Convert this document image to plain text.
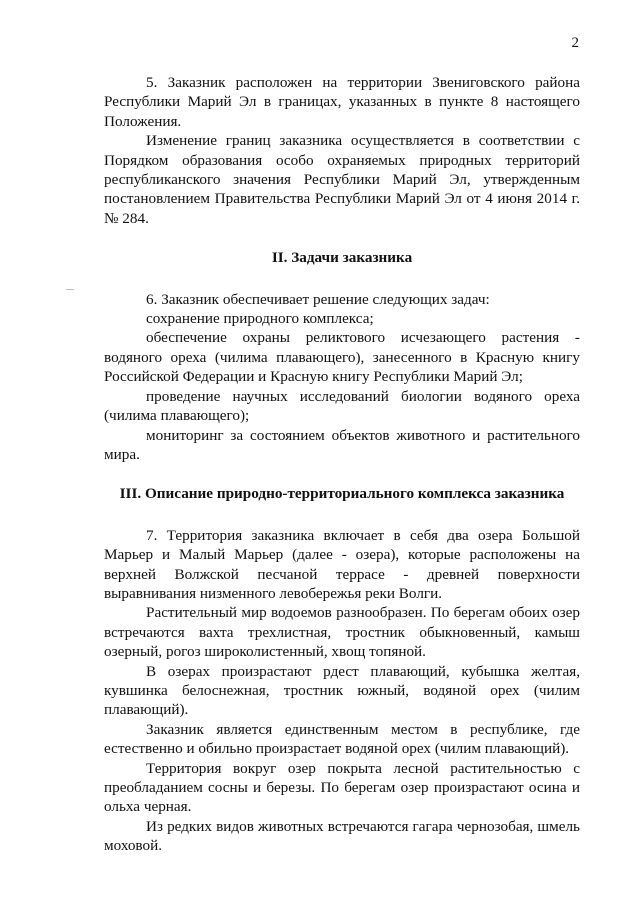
2

5. Заказник расположен на территории Звениговского района Республики Марий Эл в границах, указанных в пункте 8 настоящего Положения.

Изменение границ заказника осуществляется в соответствии с Порядком образования особо охраняемых природных территорий республиканского значения Республики Марий Эл, утвержденным постановлением Правительства Республики Марий Эл от 4 июня 2014 г. № 284.

II. Задачи заказника

6. Заказник обеспечивает решение следующих задач:

сохранение природного комплекса;

обеспечение охраны реликтового исчезающего растения - водяного ореха (чилима плавающего), занесенного в Красную книгу Российской Федерации и Красную книгу Республики Марий Эл;

проведение научных исследований биологии водяного ореха (чилима плавающего);

мониторинг за состоянием объектов животного и растительного мира.

III. Описание природно-территориального комплекса заказника

7. Территория заказника включает в себя два озера Большой Марьер и Малый Марьер (далее - озера), которые расположены на верхней Волжской песчаной террасе - древней поверхности выравнивания низменного левобережья реки Волги.

Растительный мир водоемов разнообразен. По берегам обоих озер встречаются вахта трехлистная, тростник обыкновенный, камыш озерный, рогоз широколистенный, хвощ топяной.

В озерах произрастают рдест плавающий, кубышка желтая, кувшинка белоснежная, тростник южный, водяной орех (чилим плавающий).

Заказник является единственным местом в республике, где естественно и обильно произрастает водяной орех (чилим плавающий).

Территория вокруг озер покрыта лесной растительностью с преобладанием сосны и березы. По берегам озер произрастают осина и ольха черная.

Из редких видов животных встречаются гагара чернозобая, шмель моховой.
